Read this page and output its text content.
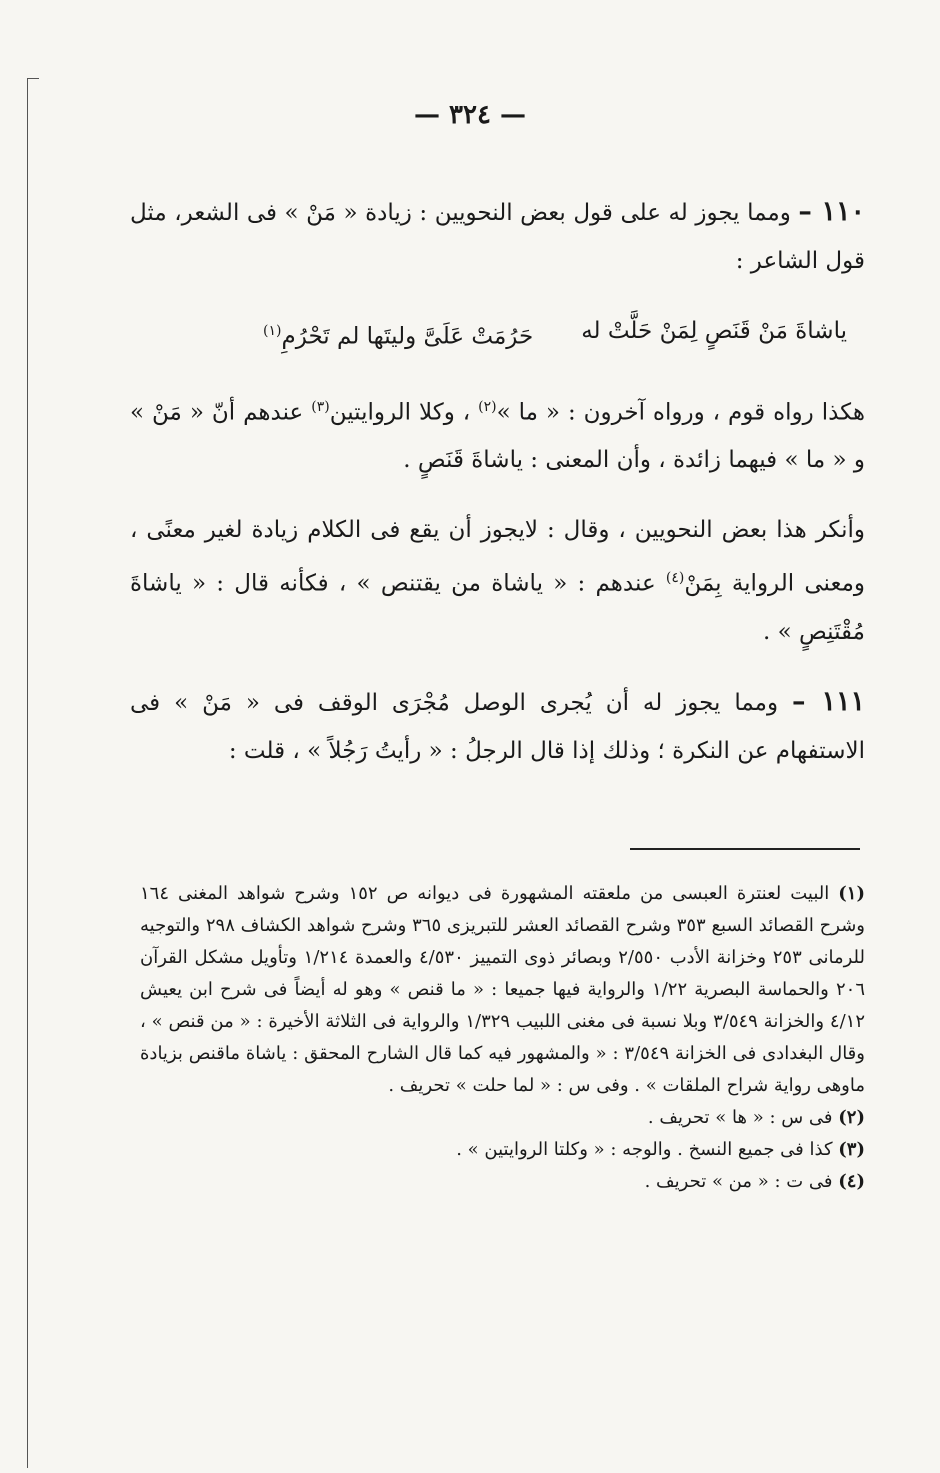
— ٣٢٤ —

١١٠ – ومما يجوز له على قول بعض النحويين : زيادة « مَنْ » فى الشعر، مثل قول الشاعر :

ياشاةَ مَنْ قَنَصٍ لِمَنْ حَلَّتْ له
حَرُمَتْ عَلَىَّ وليتَها لم تَحْرُمِ$^{(١)}$

هكذا رواه قوم ، ورواه آخرون : « ما »$^{(٢)}$ ، وكلا الروايتين$^{(٣)}$ عندهم أنّ « مَنْ » و « ما » فيهما زائدة ، وأن المعنى : ياشاةَ قَنَصٍ .

وأنكر هذا بعض النحويين ، وقال : لايجوز أن يقع فى الكلام زيادة لغير معنًى ، ومعنى الرواية بِمَنْ$^{(٤)}$ عندهم : « ياشاة من يقتنص » ، فكأنه قال : « ياشاةَ مُقْتَنِصٍ » .

١١١ – ومما يجوز له أن يُجرى الوصل مُجْرَى الوقف فى « مَنْ » فى الاستفهام عن النكرة ؛ وذلك إذا قال الرجلُ : « رأيتُ رَجُلاً » ، قلت :

(١) البيت لعنترة العبسى من ملعقته المشهورة فى ديوانه ص ١٥٢ وشرح شواهد المغنى ١٦٤ وشرح القصائد السبع ٣٥٣ وشرح القصائد العشر للتبريزى ٣٦٥ وشرح شواهد الكشاف ٢٩٨ والتوجيه للرمانى ٢٥٣ وخزانة الأدب ٢/٥٥٠ وبصائر ذوى التمييز ٤/٥٣٠ والعمدة ١/٢١٤ وتأويل مشكل القرآن ٢٠٦ والحماسة البصرية ١/٢٢ والرواية فيها جميعا : « ما قنص » وهو له أيضاً فى شرح ابن يعيش ٤/١٢ والخزانة ٣/٥٤٩ وبلا نسبة فى مغنى اللبيب ١/٣٢٩ والرواية فى الثلاثة الأخيرة : « من قنص » ، وقال البغدادى فى الخزانة ٣/٥٤٩ : « والمشهور فيه كما قال الشارح المحقق : ياشاة ماقنص بزيادة ماوهى رواية شراح الملقات » . وفى س : « لما حلت » تحريف .

(٢) فى س : « ها » تحريف .

(٣) كذا فى جميع النسخ . والوجه : « وكلتا الروايتين » .

(٤) فى ت : « من » تحريف .
